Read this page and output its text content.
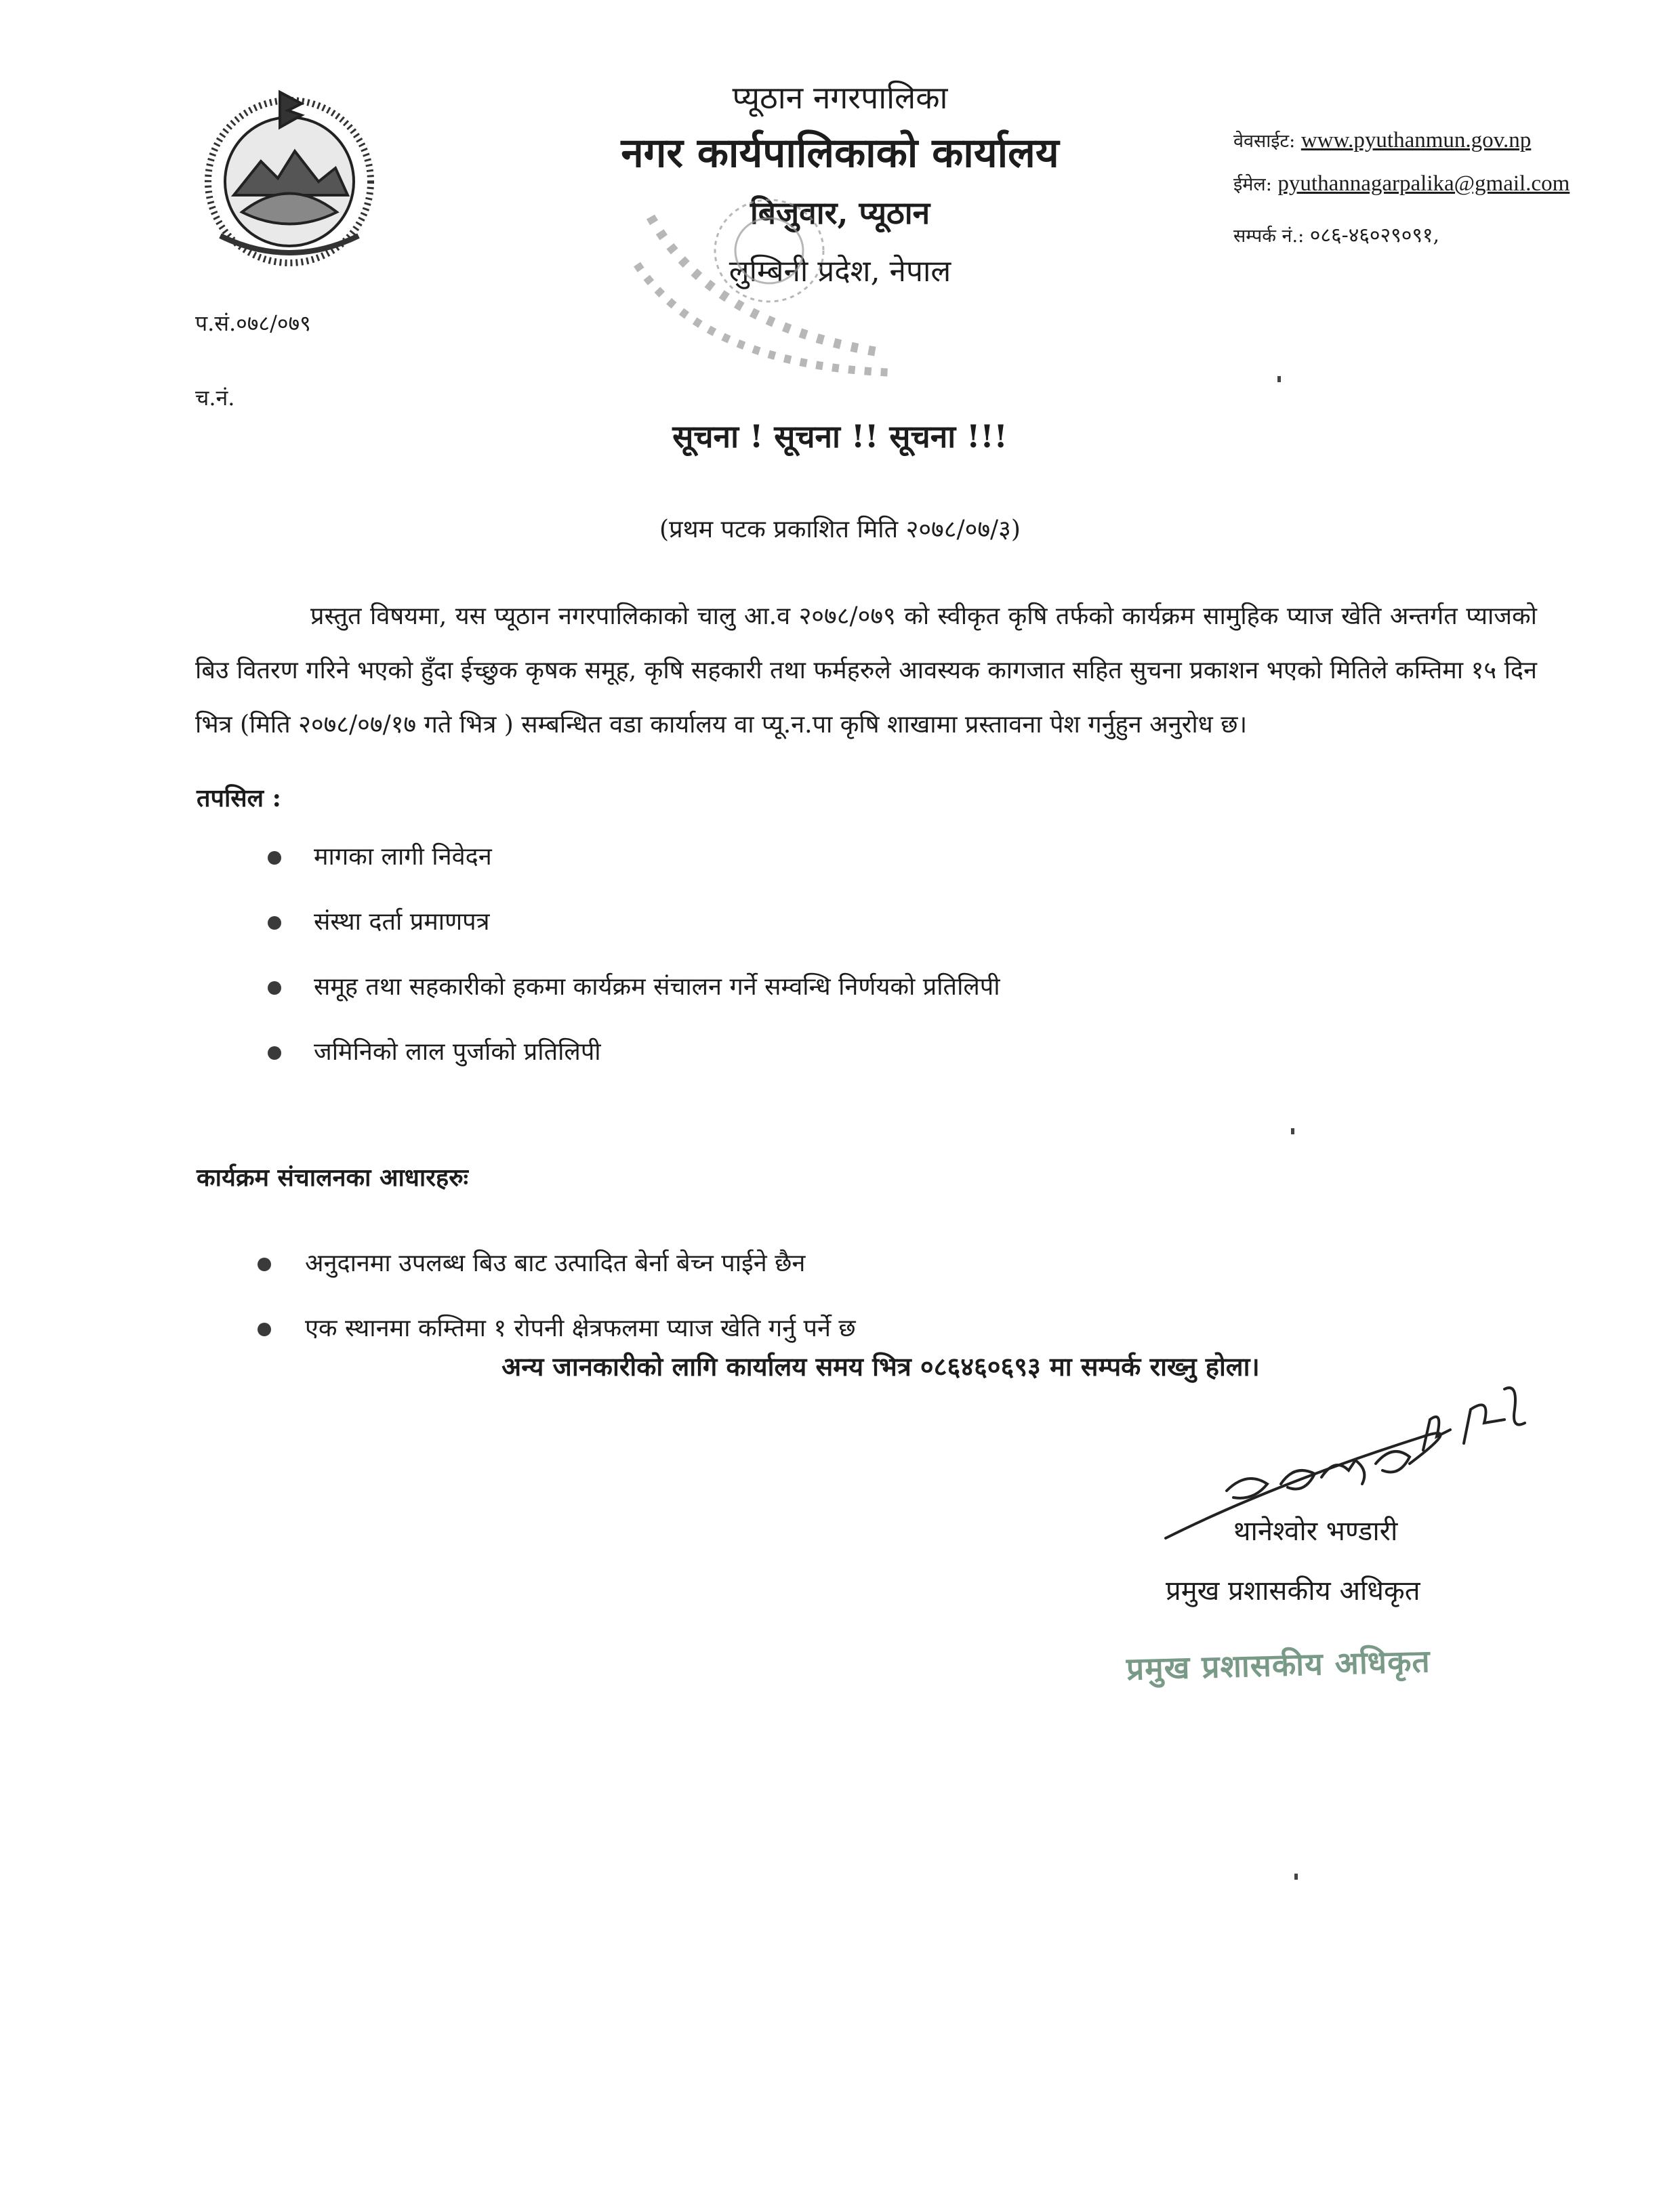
प्यूठान नगरपालिका
नगर कार्यपालिकाको कार्यालय
बिजुवार, प्यूठान
लुम्बिनी प्रदेश, नेपाल
वेवसाईट: www.pyuthanmun.gov.np
ईमेल: pyuthannagarpalika@gmail.com
सम्पर्क नं.: ०८६-४६०२९०९१,
प.सं.०७८/०७९
च.नं.
सूचना ! सूचना !! सूचना !!!
(प्रथम पटक प्रकाशित मिति २०७८/०७/३)
प्रस्तुत विषयमा, यस प्यूठान नगरपालिकाको चालु आ.व २०७८/०७९ को स्वीकृत कृषि तर्फको कार्यक्रम सामुहिक प्याज खेति अन्तर्गत प्याजको बिउ वितरण गरिने भएको हुँदा ईच्छुक कृषक समूह, कृषि सहकारी तथा फर्महरुले आवस्यक कागजात सहित सुचना प्रकाशन भएको मितिले कम्तिमा १५ दिन भित्र (मिति २०७८/०७/१७ गते भित्र ) सम्बन्धित वडा कार्यालय वा प्यू.न.पा कृषि शाखामा प्रस्तावना पेश गर्नुहुन अनुरोध छ।
तपसिल :
मागका लागी निवेदन
संस्था दर्ता प्रमाणपत्र
समूह तथा सहकारीको हकमा कार्यक्रम संचालन गर्ने सम्वन्धि निर्णयको प्रतिलिपी
जमिनिको लाल पुर्जाको प्रतिलिपी
कार्यक्रम संचालनका आधारहरुः
अनुदानमा उपलब्ध बिउ बाट उत्पादित बेर्ना बेच्न पाईने छैन
एक स्थानमा कम्तिमा १ रोपनी क्षेत्रफलमा प्याज खेति गर्नु पर्ने छ
अन्य जानकारीको लागि कार्यालय समय भित्र ०८६४६०६९३ मा सम्पर्क राख्नु होला।
थानेश्वोर भण्डारी
प्रमुख प्रशासकीय अधिकृत
प्रमुख प्रशासकीय अधिकृत
